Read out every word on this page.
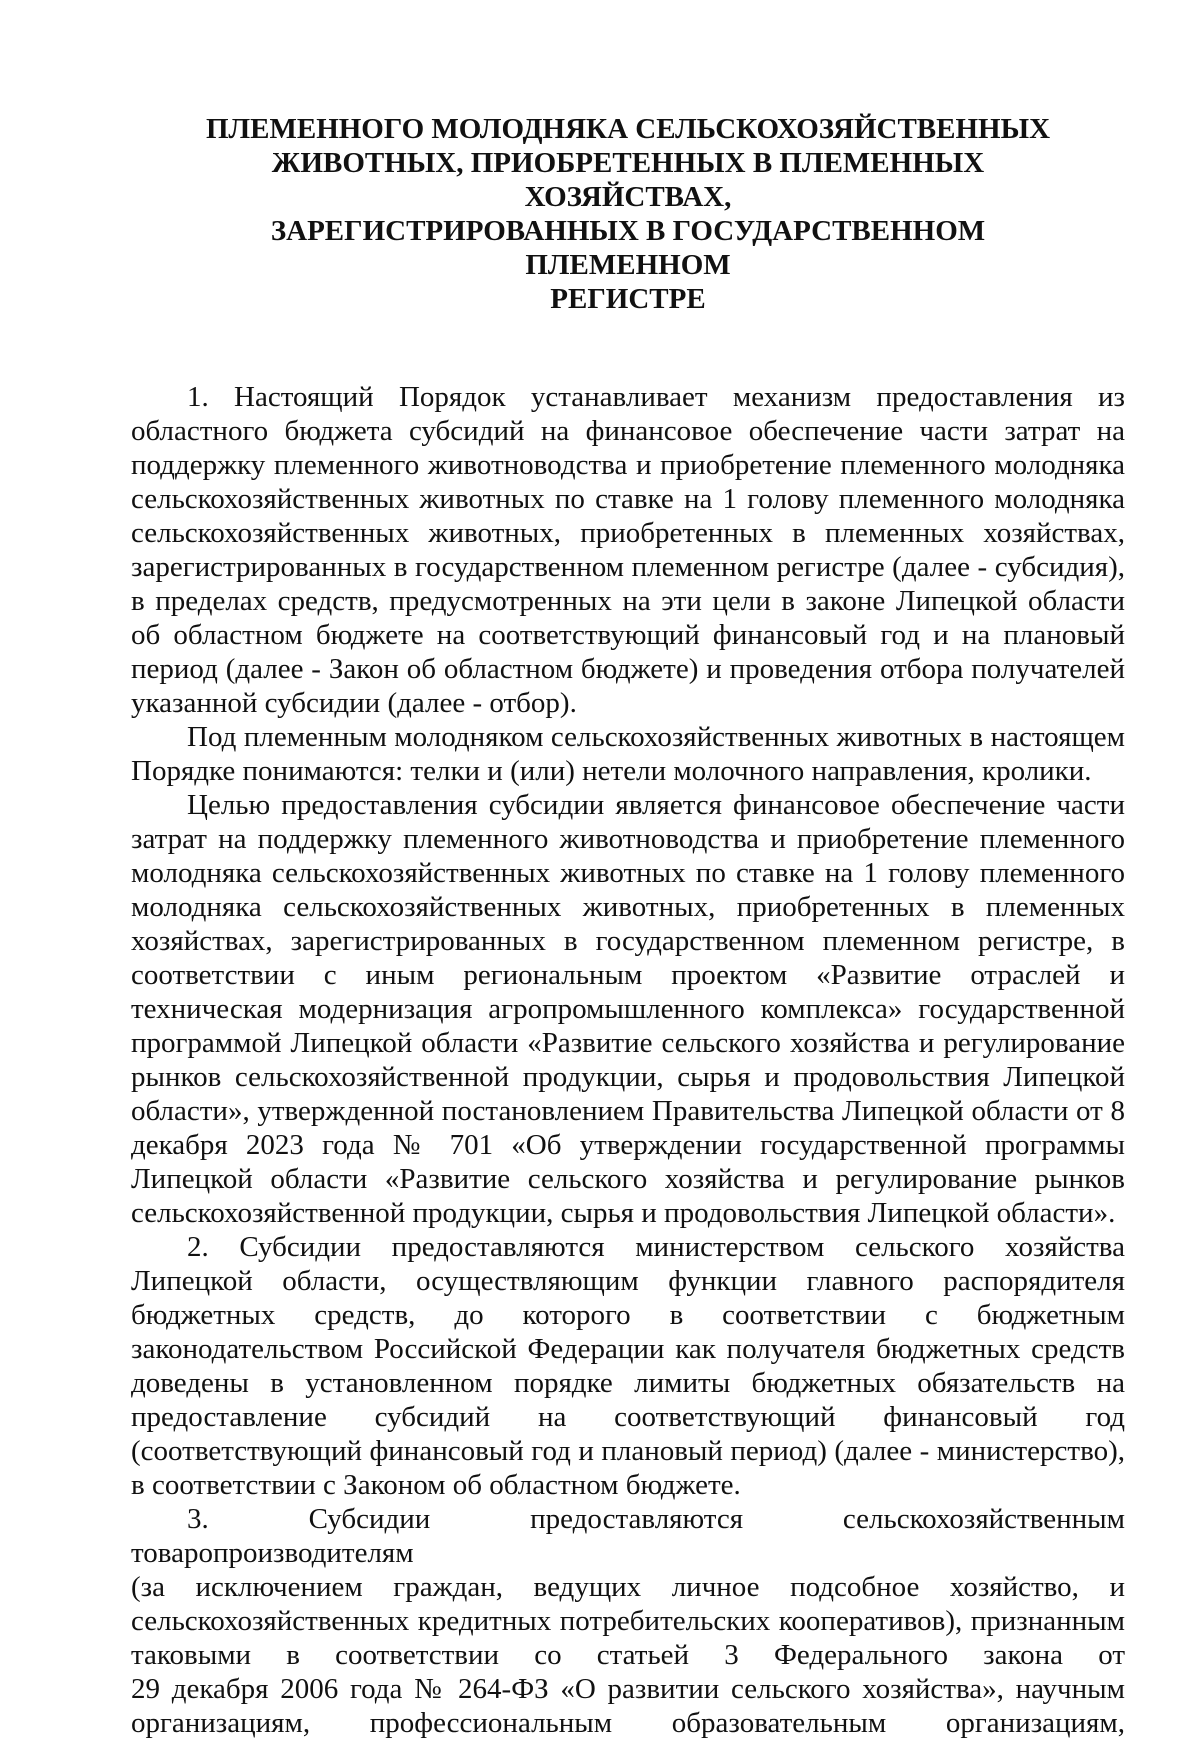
ПЛЕМЕННОГО МОЛОДНЯКА СЕЛЬСКОХОЗЯЙСТВЕННЫХ
ЖИВОТНЫХ, ПРИОБРЕТЕННЫХ В ПЛЕМЕННЫХ ХОЗЯЙСТВАХ,
ЗАРЕГИСТРИРОВАННЫХ В ГОСУДАРСТВЕННОМ ПЛЕМЕННОМ
РЕГИСТРЕ

1. Настоящий Порядок устанавливает механизм предоставления из областного бюджета субсидий на финансовое обеспечение части затрат на поддержку племенного животноводства и приобретение племенного молодняка сельскохозяйственных животных по ставке на 1 голову племенного молодняка сельскохозяйственных животных, приобретенных в племенных хозяйствах, зарегистрированных в государственном племенном регистре (далее - субсидия), в пределах средств, предусмотренных на эти цели в законе Липецкой области об областном бюджете на соответствующий финансовый год и на плановый период (далее - Закон об областном бюджете) и проведения отбора получателей указанной субсидии (далее - отбор).

Под племенным молодняком сельскохозяйственных животных в настоящем Порядке понимаются: телки и (или) нетели молочного направления, кролики.

Целью предоставления субсидии является финансовое обеспечение части затрат на поддержку племенного животноводства и приобретение племенного молодняка сельскохозяйственных животных по ставке на 1 голову племенного молодняка сельскохозяйственных животных, приобретенных в племенных хозяйствах, зарегистрированных в государственном племенном регистре, в соответствии с иным региональным проектом «Развитие отраслей и техническая модернизация агропромышленного комплекса» государственной программой Липецкой области «Развитие сельского хозяйства и регулирование рынков сельскохозяйственной продукции, сырья и продовольствия Липецкой области», утвержденной постановлением Правительства Липецкой области от 8 декабря 2023 года № 701 «Об утверждении государственной программы Липецкой области «Развитие сельского хозяйства и регулирование рынков сельскохозяйственной продукции, сырья и продовольствия Липецкой области».

2. Субсидии предоставляются министерством сельского хозяйства Липецкой области, осуществляющим функции главного распорядителя бюджетных средств, до которого в соответствии с бюджетным законодательством Российской Федерации как получателя бюджетных средств доведены в установленном порядке лимиты бюджетных обязательств на предоставление субсидий на соответствующий финансовый год (соответствующий финансовый год и плановый период) (далее - министерство), в соответствии с Законом об областном бюджете.

3. Субсидии предоставляются сельскохозяйственным товаропроизводителям
(за исключением граждан, ведущих личное подсобное хозяйство, и
сельскохозяйственных кредитных потребительских кооперативов), признанным
таковыми в соответствии со статьей 3 Федерального закона от
29 декабря 2006 года № 264-ФЗ «О развитии сельского хозяйства», научным
организациям, профессиональным образовательным организациям,
